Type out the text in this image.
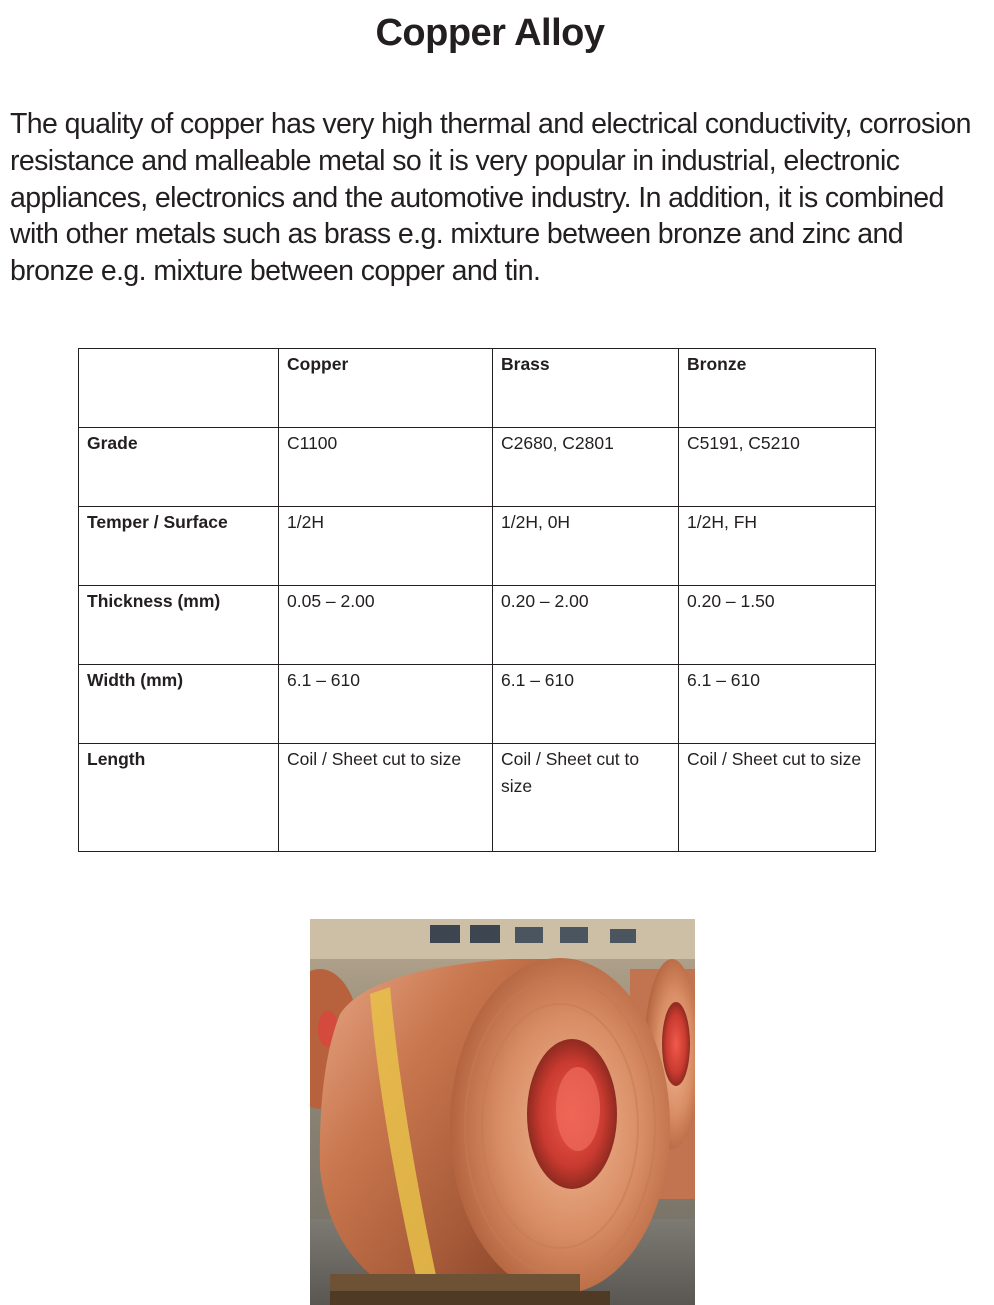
Copper Alloy

The quality of copper has very high thermal and electrical conductivity, corrosion resistance and malleable metal so it is very popular in industrial, electronic appliances, electronics and the automotive industry. In addition, it is combined with other metals such as brass e.g. mixture between bronze and zinc and bronze e.g. mixture between copper and tin.

	Copper	Brass	Bronze
Grade	C1100	C2680, C2801	C5191, C5210
Temper / Surface	1/2H	1/2H, 0H	1/2H, FH
Thickness (mm)	0.05 – 2.00	0.20 – 2.00	0.20 – 1.50
Width (mm)	6.1 – 610	6.1 – 610	6.1 – 610
Length	Coil / Sheet cut to size	Coil / Sheet cut to size	Coil / Sheet cut to size
